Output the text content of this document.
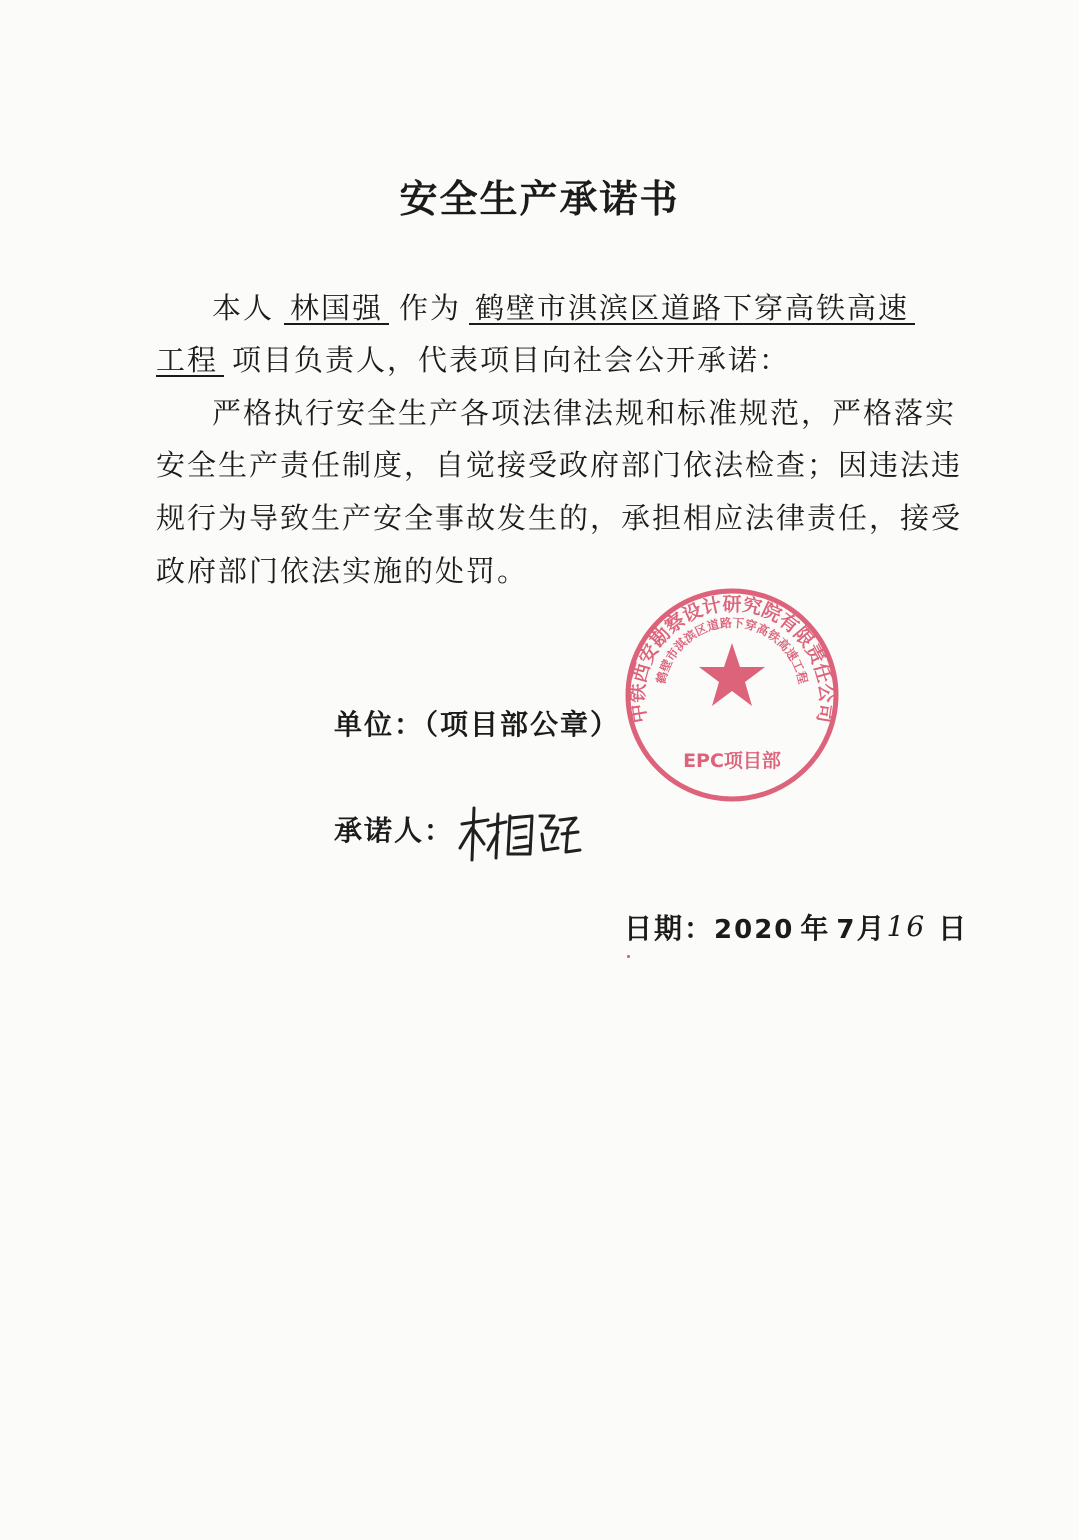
安全生产承诺书
本人 林国强 作为 鹤壁市淇滨区道路下穿高铁高速
工程 项目负责人，代表项目向社会公开承诺：
严格执行安全生产各项法律法规和标准规范，严格落实
安全生产责任制度，自觉接受政府部门依法检查；因违法违
规行为导致生产安全事故发生的，承担相应法律责任，接受
政府部门依法实施的处罚。
单位：（项目部公章）
承诺人：
日期：2020 年 7月16 日
中铁西安勘察设计研究院有限责任公司
鹤壁市淇滨区道路下穿高铁高速工程
EPC项目部
